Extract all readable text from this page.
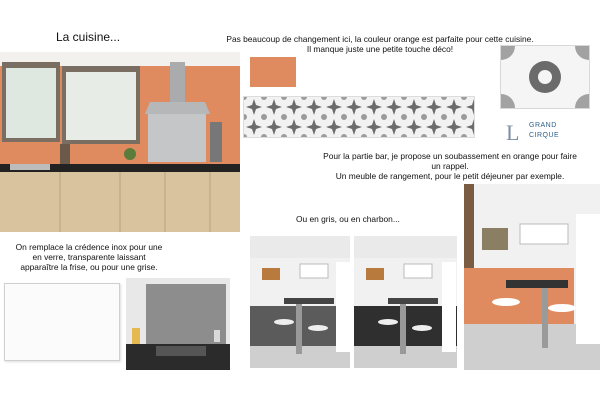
La cuisine...	Pas beaucoup de changement ici, la couleur orange est parfaite pour cette cuisine.
Il manque juste une petite touche déco!
L GRAND
CIRQUE
Pour la partie bar, je propose un soubassement en orange pour faire
un rappel.
Un meuble de rangement, pour le petit déjeuner par exemple.
Ou en gris, ou en charbon...
On remplace la crédence inox pour une
en verre, transparente laissant
apparaître la frise, ou pour une grise.
